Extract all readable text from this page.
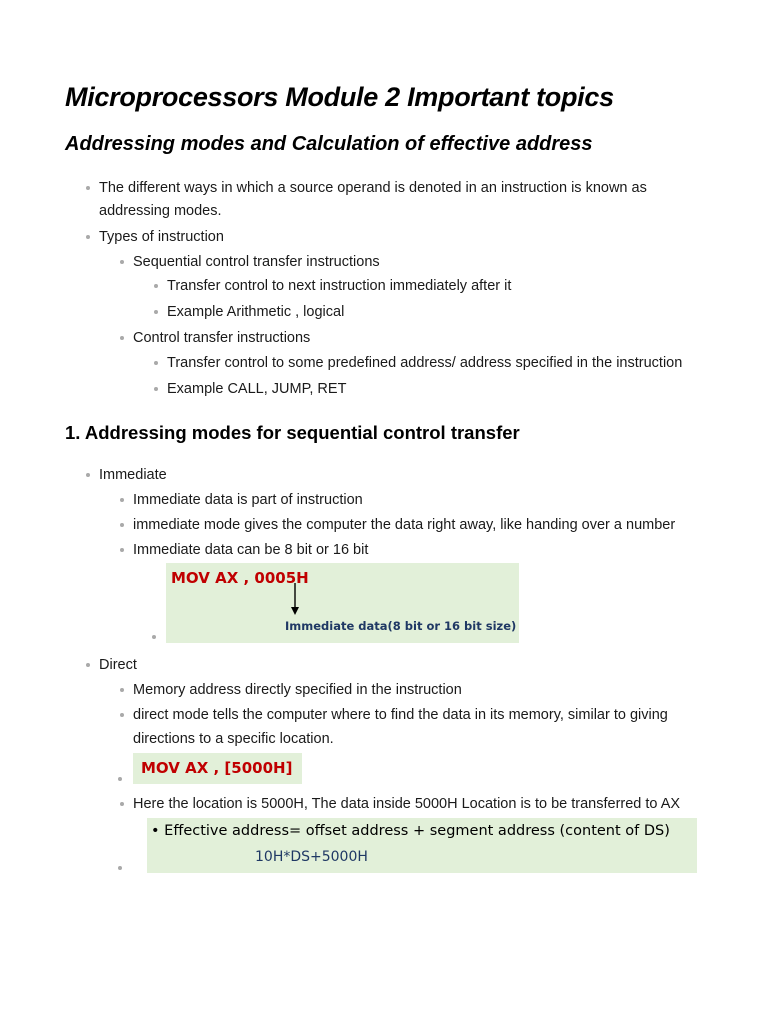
Microprocessors Module 2 Important topics
Addressing modes and Calculation of effective address
The different ways in which a source operand is denoted in an instruction is known as
addressing modes.
Types of instruction
Sequential control transfer instructions
Transfer control to next instruction immediately after it
Example Arithmetic , logical
Control transfer instructions
Transfer control to some predefined address/ address specified in the instruction
Example CALL, JUMP, RET
1. Addressing modes for sequential control transfer
Immediate
Immediate data is part of instruction
immediate mode gives the computer the data right away, like handing over a number
Immediate data can be 8 bit or 16 bit
MOV AX , 0005H
Immediate data(8 bit or 16 bit size)
Direct
Memory address directly specified in the instruction
direct mode tells the computer where to find the data in its memory, similar to giving
directions to a specific location.
MOV AX , [5000H]
Here the location is 5000H, The data inside 5000H Location is to be transferred to AX
• Effective address= offset address + segment address (content of DS)
10H*DS+5000H
